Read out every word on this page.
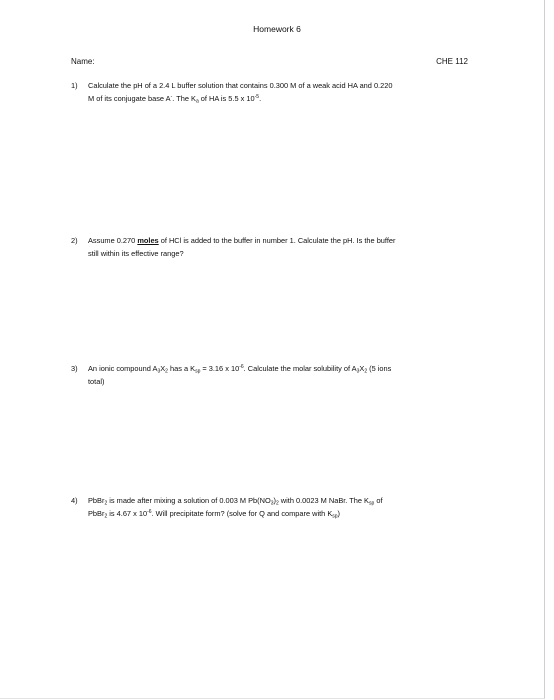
Homework 6
Name:	CHE 112
1)	Calculate the pH of a 2.4 L buffer solution that contains 0.300 M of a weak acid HA and 0.220
M of its conjugate base A-. The $K_a$ of HA is 5.5 x $10^{-5}$.
2)	Assume 0.270 moles of HCl is added to the buffer in number 1. Calculate the pH. Is the buffer
still within its effective range?
3)	An ionic compound $A_3X_2$ has a $K_{sp} = 3.16$ x $10^{-6}$. Calculate the molar solubility of $A_3X_2$ (5 ions
total)
4)	PbBr$_2$ is made after mixing a solution of 0.003 M $Pb(NO_3)_2$ with 0.0023 M NaBr. The $K_{sp}$ of
PbBr$_2$ is 4.67 x $10^{-6}$. Will precipitate form? (solve for Q and compare with $K_{sp}$)
